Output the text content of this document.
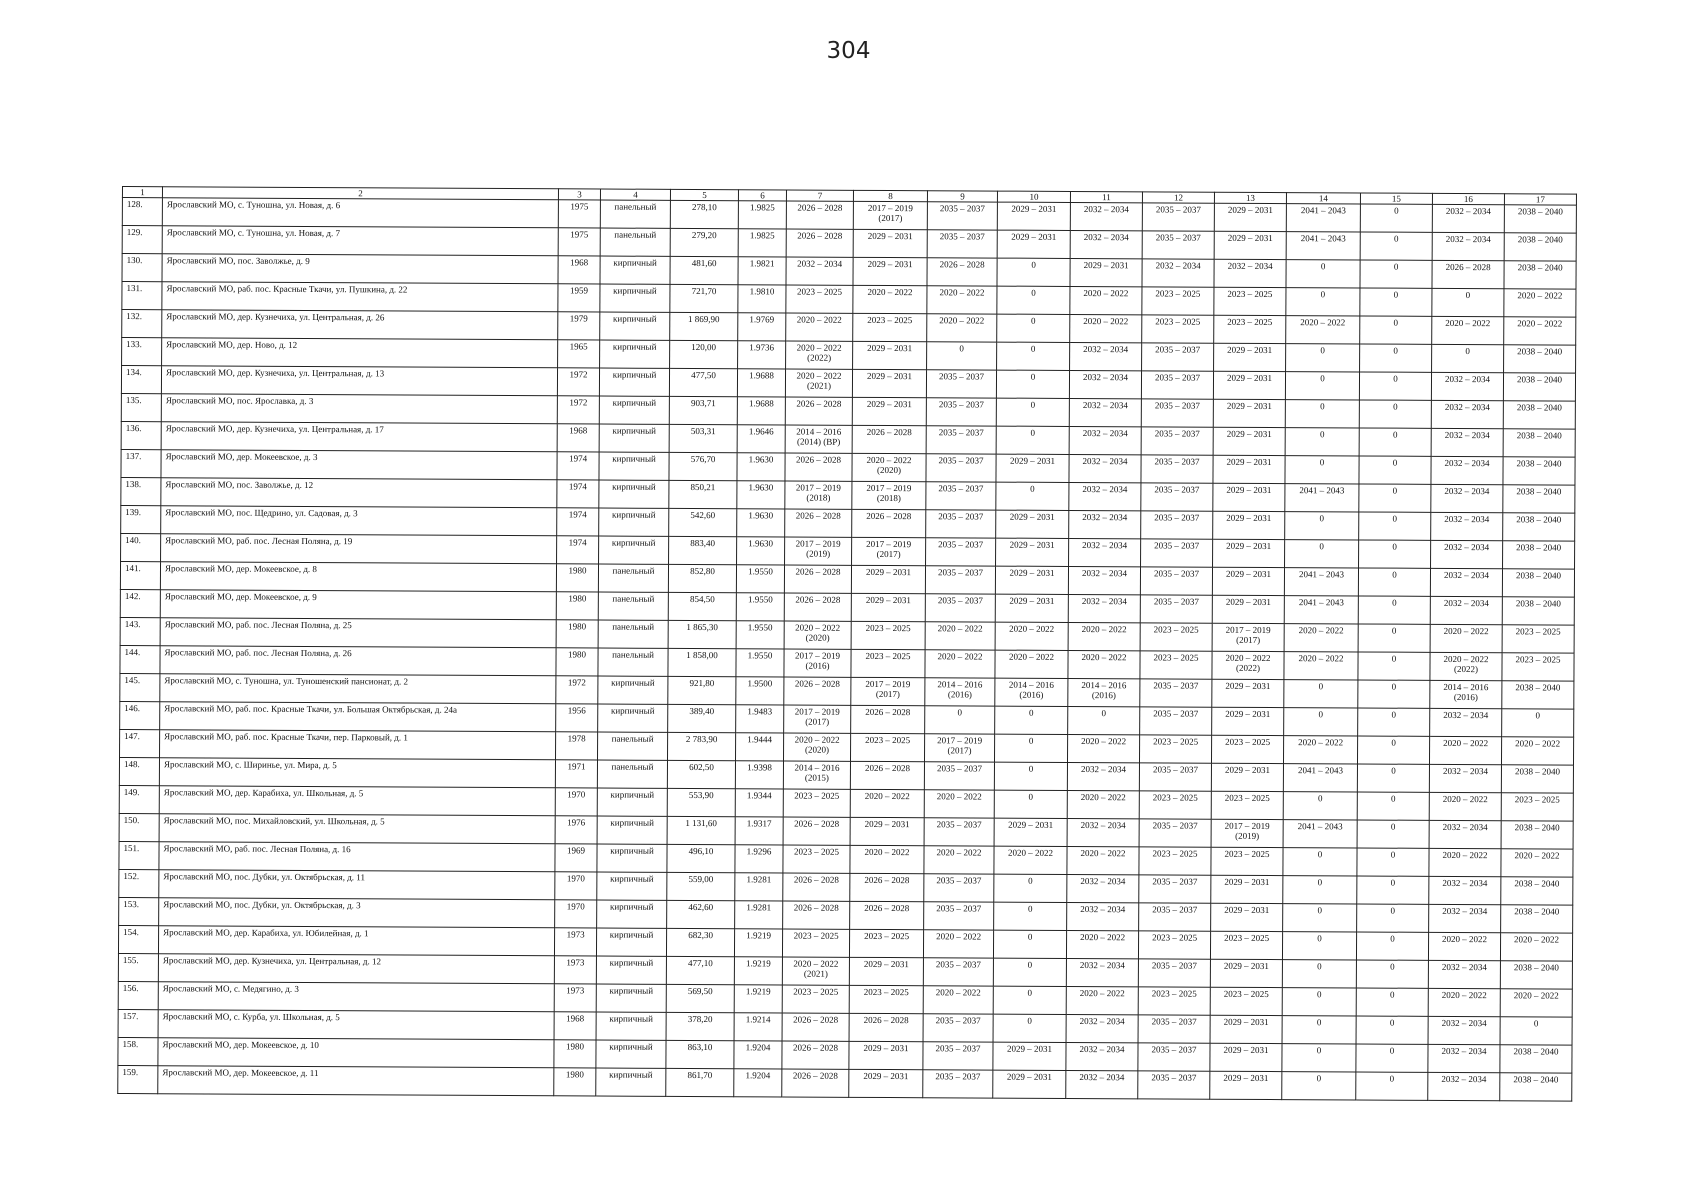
304
1	2	3	4	5	6	7	8	9	10	11	12	13	14	15	16	17

128.	Ярославский МО, с. Туношна, ул. Новая, д. 6	1975	панельный	278,10	1.9825	2026 – 2028	2017 – 2019
(2017)	2035 – 2037	2029 – 2031	2032 – 2034	2035 – 2037	2029 – 2031	2041 – 2043	0	2032 – 2034	2038 – 2040

129.	Ярославский МО, с. Туношна, ул. Новая, д. 7	1975	панельный	279,20	1.9825	2026 – 2028	2029 – 2031	2035 – 2037	2029 – 2031	2032 – 2034	2035 – 2037	2029 – 2031	2041 – 2043	0	2032 – 2034	2038 – 2040

130.	Ярославский МО, пос. Заволжье, д. 9	1968	кирпичный	481,60	1.9821	2032 – 2034	2029 – 2031	2026 – 2028	0	2029 – 2031	2032 – 2034	2032 – 2034	0	0	2026 – 2028	2038 – 2040

131.	Ярославский МО, раб. пос. Красные Ткачи, ул. Пушкина, д. 22	1959	кирпичный	721,70	1.9810	2023 – 2025	2020 – 2022	2020 – 2022	0	2020 – 2022	2023 – 2025	2023 – 2025	0	0	0	2020 – 2022

132.	Ярославский МО, дер. Кузнечиха, ул. Центральная, д. 26	1979	кирпичный	1 869,90	1.9769	2020 – 2022	2023 – 2025	2020 – 2022	0	2020 – 2022	2023 – 2025	2023 – 2025	2020 – 2022	0	2020 – 2022	2020 – 2022

133.	Ярославский МО, дер. Ново, д. 12	1965	кирпичный	120,00	1.9736	2020 – 2022
(2022)	2029 – 2031	0	0	2032 – 2034	2035 – 2037	2029 – 2031	0	0	0	2038 – 2040

134.	Ярославский МО, дер. Кузнечиха, ул. Центральная, д. 13	1972	кирпичный	477,50	1.9688	2020 – 2022
(2021)	2029 – 2031	2035 – 2037	0	2032 – 2034	2035 – 2037	2029 – 2031	0	0	2032 – 2034	2038 – 2040

135.	Ярославский МО, пос. Ярославка, д. 3	1972	кирпичный	903,71	1.9688	2026 – 2028	2029 – 2031	2035 – 2037	0	2032 – 2034	2035 – 2037	2029 – 2031	0	0	2032 – 2034	2038 – 2040

136.	Ярославский МО, дер. Кузнечиха, ул. Центральная, д. 17	1968	кирпичный	503,31	1.9646	2014 – 2016
(2014) (ВР)	2026 – 2028	2035 – 2037	0	2032 – 2034	2035 – 2037	2029 – 2031	0	0	2032 – 2034	2038 – 2040

137.	Ярославский МО, дер. Мокеевское, д. 3	1974	кирпичный	576,70	1.9630	2026 – 2028	2020 – 2022
(2020)	2035 – 2037	2029 – 2031	2032 – 2034	2035 – 2037	2029 – 2031	0	0	2032 – 2034	2038 – 2040

138.	Ярославский МО, пос. Заволжье, д. 12	1974	кирпичный	850,21	1.9630	2017 – 2019
(2018)	2017 – 2019
(2018)	2035 – 2037	0	2032 – 2034	2035 – 2037	2029 – 2031	2041 – 2043	0	2032 – 2034	2038 – 2040

139.	Ярославский МО, пос. Щедрино, ул. Садовая, д. 3	1974	кирпичный	542,60	1.9630	2026 – 2028	2026 – 2028	2035 – 2037	2029 – 2031	2032 – 2034	2035 – 2037	2029 – 2031	0	0	2032 – 2034	2038 – 2040

140.	Ярославский МО, раб. пос. Лесная Поляна, д. 19	1974	кирпичный	883,40	1.9630	2017 – 2019
(2019)	2017 – 2019
(2017)	2035 – 2037	2029 – 2031	2032 – 2034	2035 – 2037	2029 – 2031	0	0	2032 – 2034	2038 – 2040

141.	Ярославский МО, дер. Мокеевское, д. 8	1980	панельный	852,80	1.9550	2026 – 2028	2029 – 2031	2035 – 2037	2029 – 2031	2032 – 2034	2035 – 2037	2029 – 2031	2041 – 2043	0	2032 – 2034	2038 – 2040

142.	Ярославский МО, дер. Мокеевское, д. 9	1980	панельный	854,50	1.9550	2026 – 2028	2029 – 2031	2035 – 2037	2029 – 2031	2032 – 2034	2035 – 2037	2029 – 2031	2041 – 2043	0	2032 – 2034	2038 – 2040

143.	Ярославский МО, раб. пос. Лесная Поляна, д. 25	1980	панельный	1 865,30	1.9550	2020 – 2022
(2020)	2023 – 2025	2020 – 2022	2020 – 2022	2020 – 2022	2023 – 2025	2017 – 2019
(2017)	2020 – 2022	0	2020 – 2022	2023 – 2025

144.	Ярославский МО, раб. пос. Лесная Поляна, д. 26	1980	панельный	1 858,00	1.9550	2017 – 2019
(2016)	2023 – 2025	2020 – 2022	2020 – 2022	2020 – 2022	2023 – 2025	2020 – 2022
(2022)	2020 – 2022	0	2020 – 2022
(2022)	2023 – 2025

145.	Ярославский МО, с. Туношна, ул. Туношенский пансионат, д. 2	1972	кирпичный	921,80	1.9500	2026 – 2028	2017 – 2019
(2017)	2014 – 2016
(2016)	2014 – 2016
(2016)	2014 – 2016
(2016)	2035 – 2037	2029 – 2031	0	0	2014 – 2016
(2016)	2038 – 2040

146.	Ярославский МО, раб. пос. Красные Ткачи, ул. Большая Октябрьская, д. 24а	1956	кирпичный	389,40	1.9483	2017 – 2019
(2017)	2026 – 2028	0	0	0	2035 – 2037	2029 – 2031	0	0	2032 – 2034	0

147.	Ярославский МО, раб. пос. Красные Ткачи, пер. Парковый, д. 1	1978	панельный	2 783,90	1.9444	2020 – 2022
(2020)	2023 – 2025	2017 – 2019
(2017)	0	2020 – 2022	2023 – 2025	2023 – 2025	2020 – 2022	0	2020 – 2022	2020 – 2022

148.	Ярославский МО, с. Ширинье, ул. Мира, д. 5	1971	панельный	602,50	1.9398	2014 – 2016
(2015)	2026 – 2028	2035 – 2037	0	2032 – 2034	2035 – 2037	2029 – 2031	2041 – 2043	0	2032 – 2034	2038 – 2040

149.	Ярославский МО, дер. Карабиха, ул. Школьная, д. 5	1970	кирпичный	553,90	1.9344	2023 – 2025	2020 – 2022	2020 – 2022	0	2020 – 2022	2023 – 2025	2023 – 2025	0	0	2020 – 2022	2023 – 2025

150.	Ярославский МО, пос. Михайловский, ул. Школьная, д. 5	1976	кирпичный	1 131,60	1.9317	2026 – 2028	2029 – 2031	2035 – 2037	2029 – 2031	2032 – 2034	2035 – 2037	2017 – 2019
(2019)	2041 – 2043	0	2032 – 2034	2038 – 2040

151.	Ярославский МО, раб. пос. Лесная Поляна, д. 16	1969	кирпичный	496,10	1.9296	2023 – 2025	2020 – 2022	2020 – 2022	2020 – 2022	2020 – 2022	2023 – 2025	2023 – 2025	0	0	2020 – 2022	2020 – 2022

152.	Ярославский МО, пос. Дубки, ул. Октябрьская, д. 11	1970	кирпичный	559,00	1.9281	2026 – 2028	2026 – 2028	2035 – 2037	0	2032 – 2034	2035 – 2037	2029 – 2031	0	0	2032 – 2034	2038 – 2040

153.	Ярославский МО, пос. Дубки, ул. Октябрьская, д. 3	1970	кирпичный	462,60	1.9281	2026 – 2028	2026 – 2028	2035 – 2037	0	2032 – 2034	2035 – 2037	2029 – 2031	0	0	2032 – 2034	2038 – 2040

154.	Ярославский МО, дер. Карабиха, ул. Юбилейная, д. 1	1973	кирпичный	682,30	1.9219	2023 – 2025	2023 – 2025	2020 – 2022	0	2020 – 2022	2023 – 2025	2023 – 2025	0	0	2020 – 2022	2020 – 2022

155.	Ярославский МО, дер. Кузнечиха, ул. Центральная, д. 12	1973	кирпичный	477,10	1.9219	2020 – 2022
(2021)	2029 – 2031	2035 – 2037	0	2032 – 2034	2035 – 2037	2029 – 2031	0	0	2032 – 2034	2038 – 2040

156.	Ярославский МО, с. Медягино, д. 3	1973	кирпичный	569,50	1.9219	2023 – 2025	2023 – 2025	2020 – 2022	0	2020 – 2022	2023 – 2025	2023 – 2025	0	0	2020 – 2022	2020 – 2022

157.	Ярославский МО, с. Курба, ул. Школьная, д. 5	1968	кирпичный	378,20	1.9214	2026 – 2028	2026 – 2028	2035 – 2037	0	2032 – 2034	2035 – 2037	2029 – 2031	0	0	2032 – 2034	0

158.	Ярославский МО, дер. Мокеевское, д. 10	1980	кирпичный	863,10	1.9204	2026 – 2028	2029 – 2031	2035 – 2037	2029 – 2031	2032 – 2034	2035 – 2037	2029 – 2031	0	0	2032 – 2034	2038 – 2040

159.	Ярославский МО, дер. Мокеевское, д. 11	1980	кирпичный	861,70	1.9204	2026 – 2028	2029 – 2031	2035 – 2037	2029 – 2031	2032 – 2034	2035 – 2037	2029 – 2031	0	0	2032 – 2034	2038 – 2040
